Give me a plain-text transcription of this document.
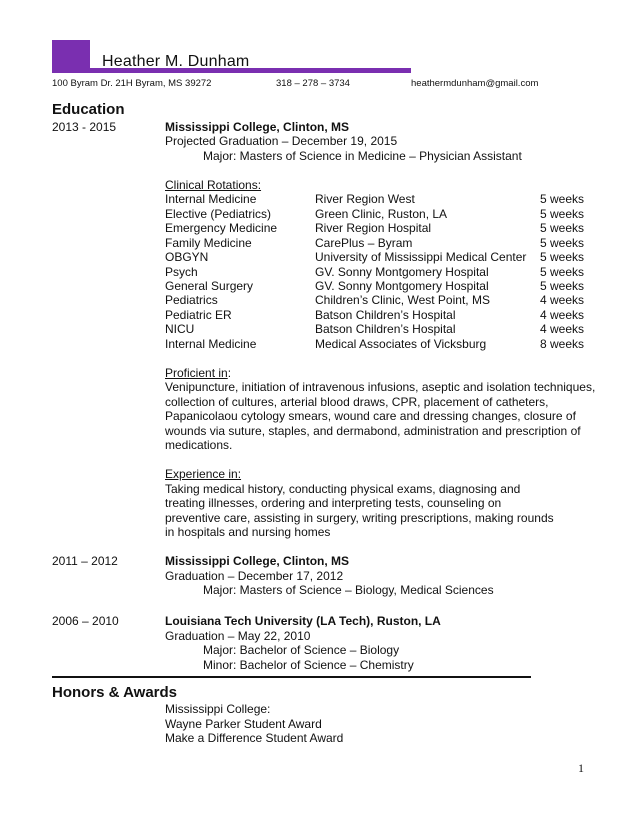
Heather M. Dunham
100 Byram Dr. 21H Byram, MS 39272	318 – 278 – 3734	heathermdunham@gmail.com
Education
2013 - 2015	Mississippi College, Clinton, MS
Projected Graduation – December 19, 2015
Major: Masters of Science in Medicine – Physician Assistant
Clinical Rotations:
Internal Medicine	River Region West	5 weeks
Elective (Pediatrics)	Green Clinic, Ruston, LA	5 weeks
Emergency Medicine	River Region Hospital	5 weeks
Family Medicine	CarePlus – Byram	5 weeks
OBGYN	University of Mississippi Medical Center 5 weeks
Psych	GV. Sonny Montgomery Hospital	5 weeks
General Surgery	GV. Sonny Montgomery Hospital	5 weeks
Pediatrics	Children’s Clinic, West Point, MS	4 weeks
Pediatric ER	Batson Children’s Hospital	4 weeks
NICU	Batson Children’s Hospital	4 weeks
Internal Medicine	Medical Associates of Vicksburg	8 weeks
Proficient in:
Venipuncture, initiation of intravenous infusions, aseptic and isolation techniques,
collection of cultures, arterial blood draws, CPR, placement of catheters,
Papanicolaou cytology smears, wound care and dressing changes, closure of
wounds via suture, staples, and dermabond, administration and prescription of
medications.
Experience in:
Taking medical history, conducting physical exams, diagnosing and
treating illnesses, ordering and interpreting tests, counseling on
preventive care, assisting in surgery, writing prescriptions, making rounds
in hospitals and nursing homes
2011 – 2012	Mississippi College, Clinton, MS
Graduation – December 17, 2012
Major: Masters of Science – Biology, Medical Sciences
2006 – 2010	Louisiana Tech University (LA Tech), Ruston, LA
Graduation – May 22, 2010
Major: Bachelor of Science – Biology
Minor: Bachelor of Science – Chemistry
Honors & Awards
Mississippi College:
Wayne Parker Student Award
Make a Difference Student Award
1
